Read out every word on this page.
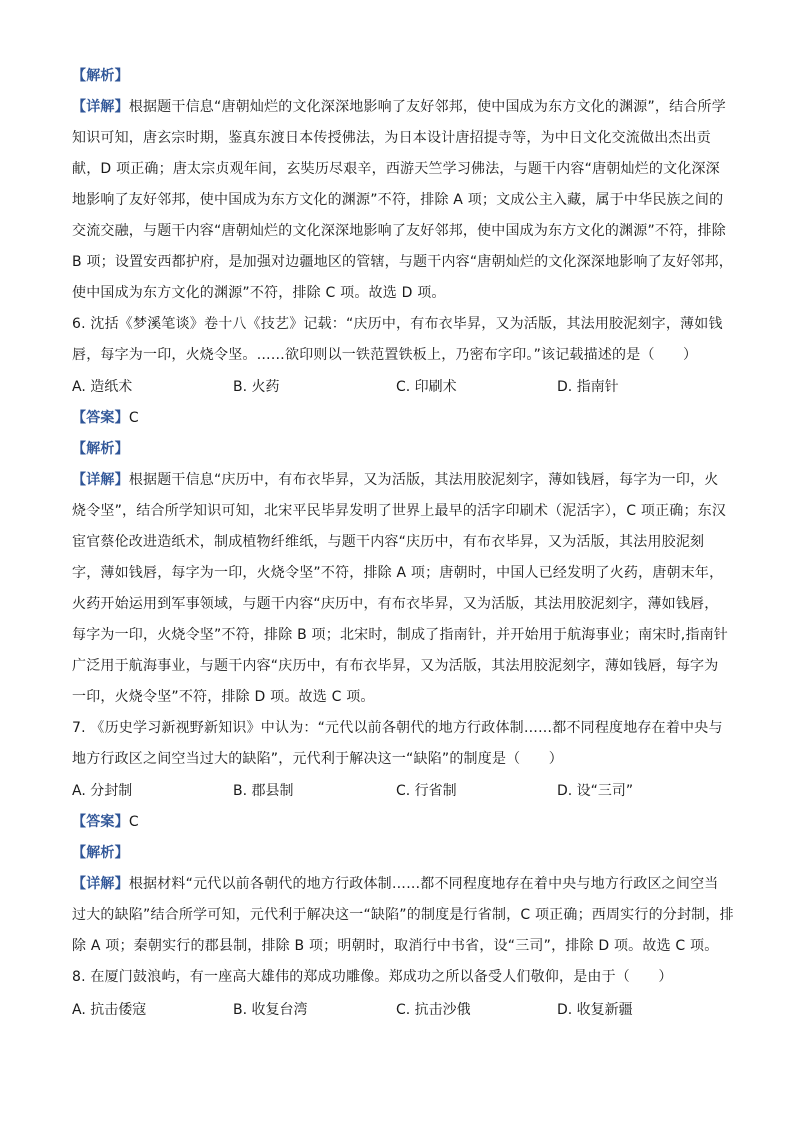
【解析】
【详解】根据题干信息“唐朝灿烂的文化深深地影响了友好邻邦，使中国成为东方文化的渊源”，结合所学
知识可知，唐玄宗时期，鉴真东渡日本传授佛法，为日本设计唐招提寺等，为中日文化交流做出杰出贡
献，D 项正确；唐太宗贞观年间，玄奘历尽艰辛，西游天竺学习佛法，与题干内容“唐朝灿烂的文化深深
地影响了友好邻邦，使中国成为东方文化的渊源”不符，排除 A 项；文成公主入藏，属于中华民族之间的
交流交融，与题干内容“唐朝灿烂的文化深深地影响了友好邻邦，使中国成为东方文化的渊源”不符，排除
B 项；设置安西都护府，是加强对边疆地区的管辖，与题干内容“唐朝灿烂的文化深深地影响了友好邻邦，
使中国成为东方文化的渊源”不符，排除 C 项。故选 D 项。
6. 沈括《梦溪笔谈》卷十八《技艺》记载：“庆历中，有布衣毕昇，又为活版，其法用胶泥刻字，薄如钱
唇，每字为一印，火烧令坚。……欲印则以一铁范置铁板上，乃密布字印。”该记载描述的是（　　）
A. 造纸术	B. 火药	C. 印刷术	D. 指南针
【答案】C
【解析】
【详解】根据题干信息“庆历中，有布衣毕昇，又为活版，其法用胶泥刻字，薄如钱唇，每字为一印，火
烧令坚”，结合所学知识可知，北宋平民毕昇发明了世界上最早的活字印刷术（泥活字），C 项正确；东汉
宦官蔡伦改进造纸术，制成植物纤维纸，与题干内容“庆历中，有布衣毕昇，又为活版，其法用胶泥刻
字，薄如钱唇，每字为一印，火烧令坚”不符，排除 A 项；唐朝时，中国人已经发明了火药，唐朝末年，
火药开始运用到军事领域，与题干内容“庆历中，有布衣毕昇，又为活版，其法用胶泥刻字，薄如钱唇，
每字为一印，火烧令坚”不符，排除 B 项；北宋时，制成了指南针，并开始用于航海事业；南宋时,指南针
广泛用于航海事业，与题干内容“庆历中，有布衣毕昇，又为活版，其法用胶泥刻字，薄如钱唇，每字为
一印，火烧令坚”不符，排除 D 项。故选 C 项。
7. 《历史学习新视野新知识》中认为：“元代以前各朝代的地方行政体制……都不同程度地存在着中央与
地方行政区之间空当过大的缺陷”，元代利于解决这一“缺陷”的制度是（　　）
A. 分封制	B. 郡县制	C. 行省制	D. 设“三司”
【答案】C
【解析】
【详解】根据材料“元代以前各朝代的地方行政体制……都不同程度地存在着中央与地方行政区之间空当
过大的缺陷”结合所学可知，元代利于解决这一“缺陷”的制度是行省制，C 项正确；西周实行的分封制，排
除 A 项；秦朝实行的郡县制，排除 B 项；明朝时，取消行中书省，设“三司”，排除 D 项。故选 C 项。
8. 在厦门鼓浪屿，有一座高大雄伟的郑成功雕像。郑成功之所以备受人们敬仰，是由于（　　）
A. 抗击倭寇	B. 收复台湾	C. 抗击沙俄	D. 收复新疆
